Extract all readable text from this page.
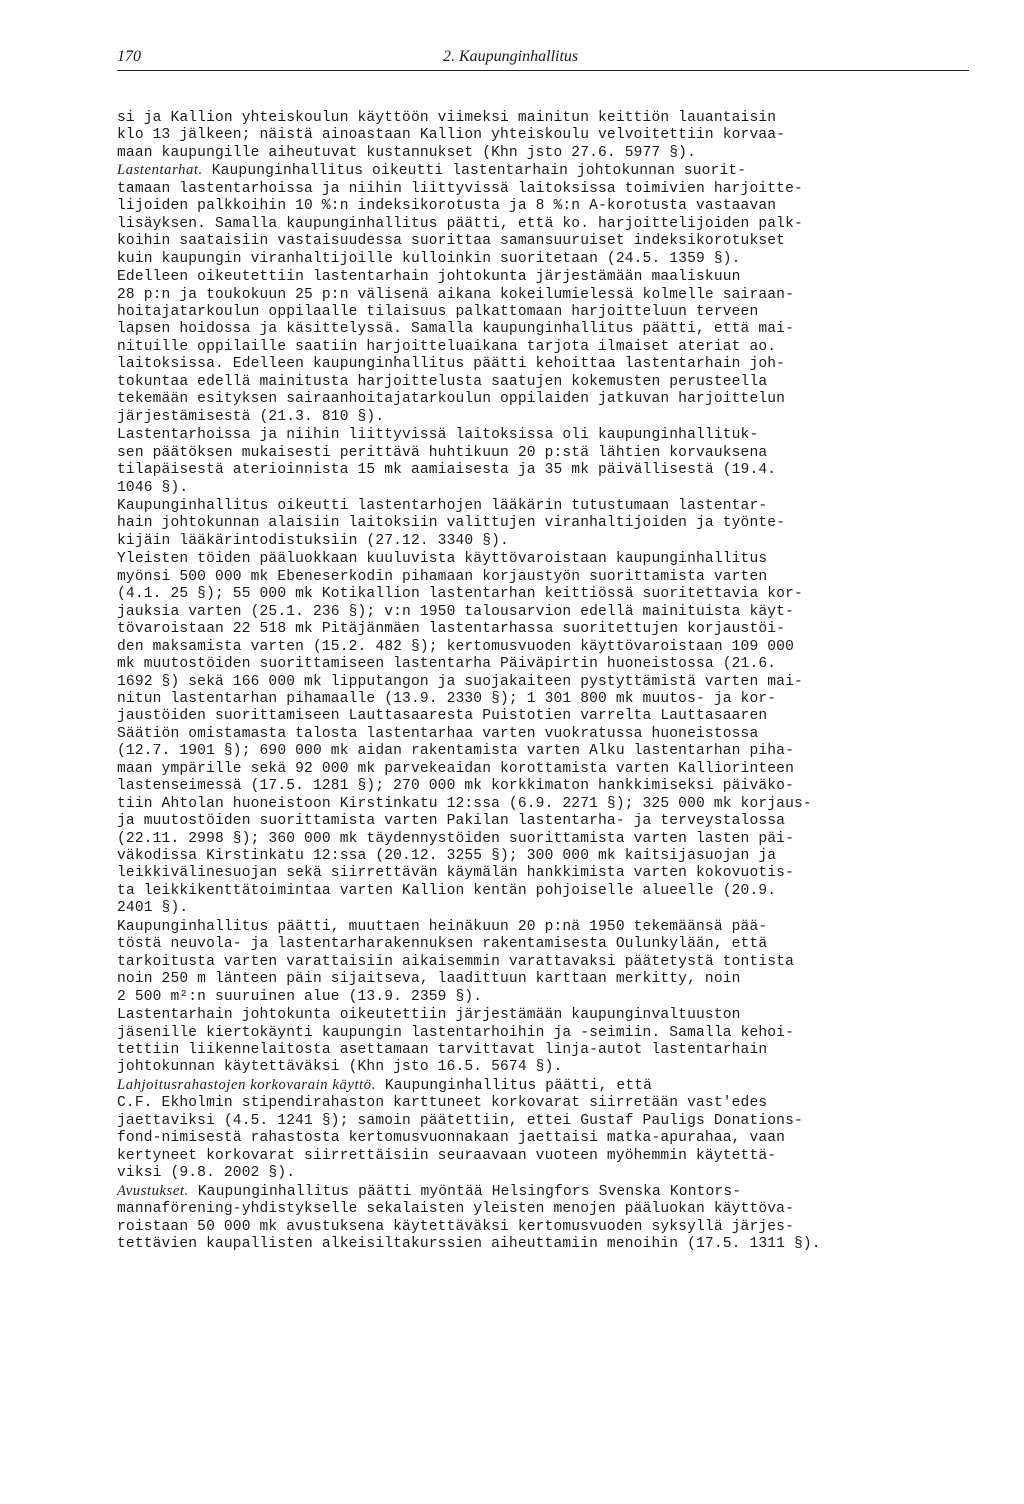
170	2. Kaupunginhallitus

si ja Kallion yhteiskoulun käyttöön viimeksi mainitun keittiön lauantaisin
klo 13 jälkeen; näistä ainoastaan Kallion yhteiskoulu velvoitettiin korvaa-
maan kaupungille aiheutuvat kustannukset (Khn jsto 27.6. 5977 §).

Lastentarhat. Kaupunginhallitus oikeutti lastentarhain johtokunnan suorit-
tamaan lastentarhoissa ja niihin liittyvissä laitoksissa toimivien harjoitte-
lijoiden palkkoihin 10 %:n indeksikorotusta ja 8 %:n A-korotusta vastaavan
lisäyksen. Samalla kaupunginhallitus päätti, että ko. harjoittelijoiden palk-
koihin saataisiin vastaisuudessa suorittaa samansuuruiset indeksikorotukset
kuin kaupungin viranhaltijoille kulloinkin suoritetaan (24.5. 1359 §).

Edelleen oikeutettiin lastentarhain johtokunta järjestämään maaliskuun
28 p:n ja toukokuun 25 p:n välisenä aikana kokeilumielessä kolmelle sairaan-
hoitajatarkoulun oppilaalle tilaisuus palkattomaan harjoitteluun terveen
lapsen hoidossa ja käsittelyssä. Samalla kaupunginhallitus päätti, että mai-
nituille oppilaille saatiin harjoitteluaikana tarjota ilmaiset ateriat ao.
laitoksissa. Edelleen kaupunginhallitus päätti kehoittaa lastentarhain joh-
tokuntaa edellä mainitusta harjoittelusta saatujen kokemusten perusteella
tekemään esityksen sairaanhoitajatarkoulun oppilaiden jatkuvan harjoittelun
järjestämisestä (21.3. 810 §).

Lastentarhoissa ja niihin liittyvissä laitoksissa oli kaupunginhallituk-
sen päätöksen mukaisesti perittävä huhtikuun 20 p:stä lähtien korvauksena
tilapäisestä aterioinnista 15 mk aamiaisesta ja 35 mk päivällisestä (19.4.
1046 §).

Kaupunginhallitus oikeutti lastentarhojen lääkärin tutustumaan lastentar-
hain johtokunnan alaisiin laitoksiin valittujen viranhaltijoiden ja työnte-
kijäin lääkärintodistuksiin (27.12. 3340 §).

Yleisten töiden pääluokkaan kuuluvista käyttövaroistaan kaupunginhallitus
myönsi 500 000 mk Ebeneserkodin pihamaan korjaustyön suorittamista varten
(4.1. 25 §); 55 000 mk Kotikallion lastentarhan keittiössä suoritettavia kor-
jauksia varten (25.1. 236 §); v:n 1950 talousarvion edellä mainituista käyt-
tövaroistaan 22 518 mk Pitäjänmäen lastentarhassa suoritettujen korjaustöi-
den maksamista varten (15.2. 482 §); kertomusvuoden käyttövaroistaan 109 000
mk muutostöiden suorittamiseen lastentarha Päiväpirtin huoneistossa (21.6.
1692 §) sekä 166 000 mk lipputangon ja suojakaiteen pystyttämistä varten mai-
nitun lastentarhan pihamaalle (13.9. 2330 §); 1 301 800 mk muutos- ja kor-
jaustöiden suorittamiseen Lauttasaaresta Puistotien varrelta Lauttasaaren
Säätiön omistamasta talosta lastentarhaa varten vuokratussa huoneistossa
(12.7. 1901 §); 690 000 mk aidan rakentamista varten Alku lastentarhan piha-
maan ympärille sekä 92 000 mk parvekeaidan korottamista varten Kalliorinteen
lastenseimessä (17.5. 1281 §); 270 000 mk korkkimaton hankkimiseksi päiväko-
tiin Ahtolan huoneistoon Kirstinkatu 12:ssa (6.9. 2271 §); 325 000 mk korjaus-
ja muutostöiden suorittamista varten Pakilan lastentarha- ja terveystalossa
(22.11. 2998 §); 360 000 mk täydennystöiden suorittamista varten lasten päi-
väkodissa Kirstinkatu 12:ssa (20.12. 3255 §); 300 000 mk kaitsijasuojan ja
leikkivälinesuojan sekä siirrettävän käymälän hankkimista varten kokovuotis-
ta leikkikenttätoimintaa varten Kallion kentän pohjoiselle alueelle (20.9.
2401 §).

Kaupunginhallitus päätti, muuttaen heinäkuun 20 p:nä 1950 tekemäänsä pää-
töstä neuvola- ja lastentarharakennuksen rakentamisesta Oulunkylään, että
tarkoitusta varten varattaisiin aikaisemmin varattavaksi päätetystä tontista
noin 250 m länteen päin sijaitseva, laadittuun karttaan merkitty, noin
2 500 m²:n suuruinen alue (13.9. 2359 §).

Lastentarhain johtokunta oikeutettiin järjestämään kaupunginvaltuuston
jäsenille kiertokäynti kaupungin lastentarhoihin ja -seimiin. Samalla kehoi-
tettiin liikennelaitosta asettamaan tarvittavat linja-autot lastentarhain
johtokunnan käytettäväksi (Khn jsto 16.5. 5674 §).

Lahjoitusrahastojen korkovarain käyttö. Kaupunginhallitus päätti, että
C.F. Ekholmin stipendirahaston karttuneet korkovarat siirretään vast'edes
jaettaviksi (4.5. 1241 §); samoin päätettiin, ettei Gustaf Pauligs Donations-
fond-nimisestä rahastosta kertomusvuonnakaan jaettaisi matka-apurahaa, vaan
kertyneet korkovarat siirrettäisiin seuraavaan vuoteen myöhemmin käytettä-
viksi (9.8. 2002 §).

Avustukset. Kaupunginhallitus päätti myöntää Helsingfors Svenska Kontors-
mannaförening-yhdistykselle sekalaisten yleisten menojen pääluokan käyttöva-
roistaan 50 000 mk avustuksena käytettäväksi kertomusvuoden syksyllä järjes-
tettävien kaupallisten alkeisiltakurssien aiheuttamiin menoihin (17.5. 1311 §).
